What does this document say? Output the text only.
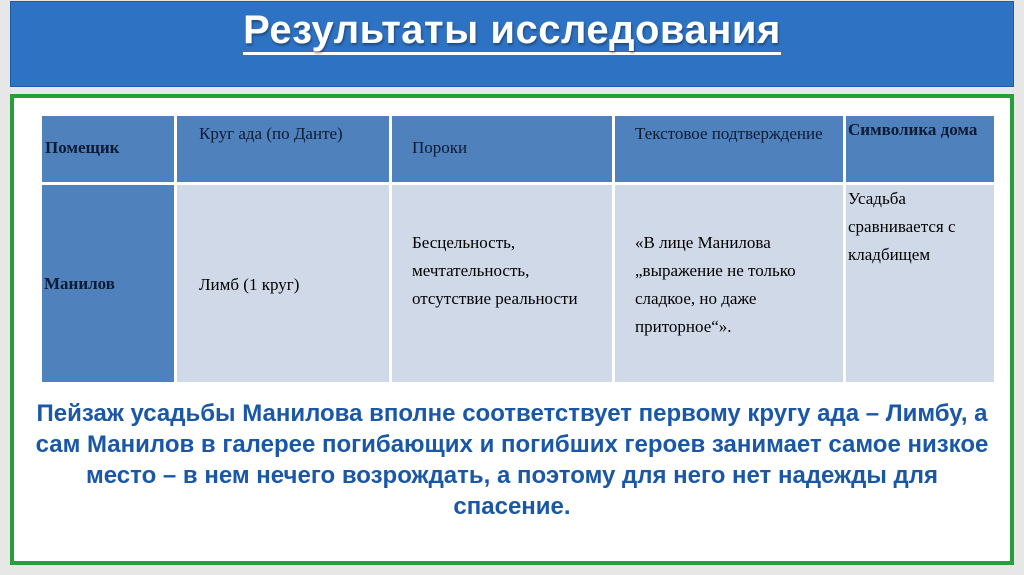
Результаты исследования
Помещик	Круг ада (по Данте)	Пороки	Текстовое подтверждение	Символика дома

Манилов	Лимб (1 круг)	Бесцельность, мечтательность, отсутствие реальности	«В лице Манилова „выражение не только сладкое, но даже приторное“».	Усадьба сравнивается с кладбищем
Пейзаж усадьбы Манилова вполне соответствует первому кругу ада – Лимбу, а сам Манилов в галерее погибающих и погибших героев занимает самое низкое место – в нем нечего возрождать, а поэтому для него нет надежды для спасение.
